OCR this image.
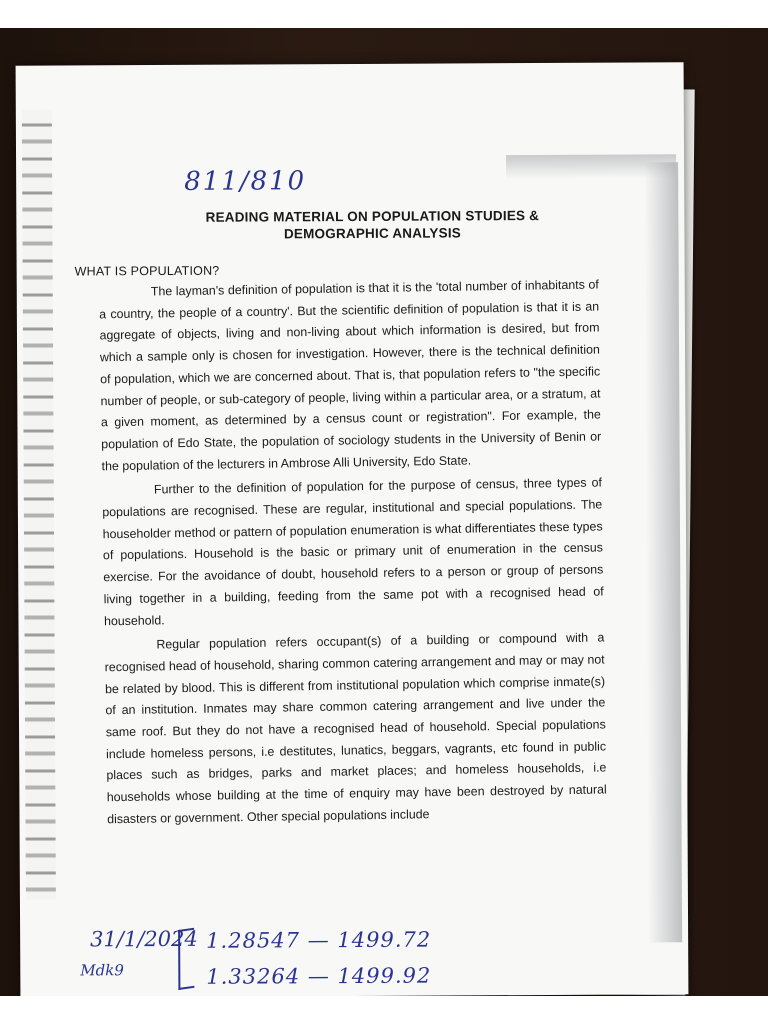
811/810
READING MATERIAL ON POPULATION STUDIES &
DEMOGRAPHIC ANALYSIS
WHAT IS POPULATION?

The layman's definition of population is that it is the 'total number of inhabitants of a country, the people of a country'. But the scientific definition of population is that it is an aggregate of objects, living and non-living about which information is desired, but from which a sample only is chosen for investigation. However, there is the technical definition of population, which we are concerned about. That is, that population refers to "the specific number of people, or sub-category of people, living within a particular area, or a stratum, at a given moment, as determined by a census count or registration". For example, the population of Edo State, the population of sociology students in the University of Benin or the population of the lecturers in Ambrose Alli University, Edo State.

Further to the definition of population for the purpose of census, three types of populations are recognised. These are regular, institutional and special populations. The householder method or pattern of population enumeration is what differentiates these types of populations. Household is the basic or primary unit of enumeration in the census exercise. For the avoidance of doubt, household refers to a person or group of persons living together in a building, feeding from the same pot with a recognised head of household.

Regular population refers occupant(s) of a building or compound with a recognised head of household, sharing common catering arrangement and may or may not be related by blood. This is different from institutional population which comprise inmate(s) of an institution. Inmates may share common catering arrangement and live under the same roof. But they do not have a recognised head of household. Special populations include homeless persons, i.e destitutes, lunatics, beggars, vagrants, etc found in public places such as bridges, parks and market places; and homeless households, i.e households whose building at the time of enquiry may have been destroyed by natural disasters or government. Other special populations include

31/1/2024
Mdk9
1.28547 — 1499.72
1.33264 — 1499.92
